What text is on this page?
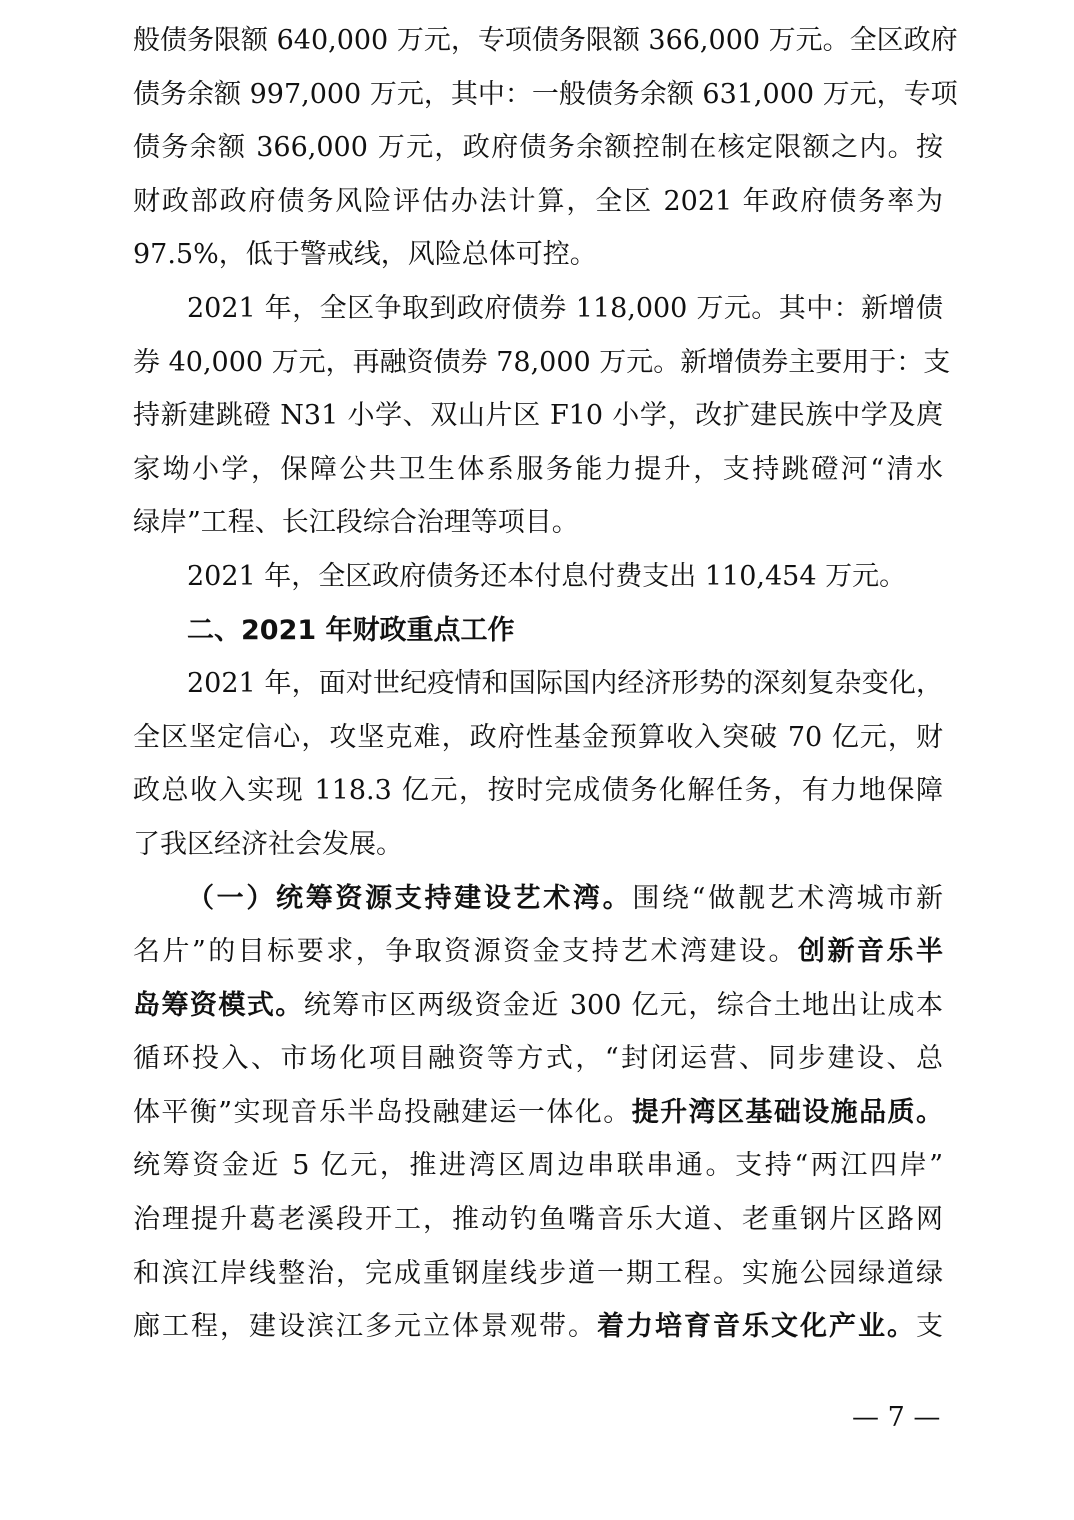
般债务限额 640,000 万元，专项债务限额 366,000 万元。全区政府
债务余额 997,000 万元，其中：一般债务余额 631,000 万元，专项
债务余额 366,000 万元，政府债务余额控制在核定限额之内。按
财政部政府债务风险评估办法计算，全区 2021 年政府债务率为
97.5%，低于警戒线，风险总体可控。
2021 年，全区争取到政府债券 118,000 万元。其中：新增债
券 40,000 万元，再融资债券 78,000 万元。新增债券主要用于：支
持新建跳磴 N31 小学、双山片区 F10 小学，改扩建民族中学及庹
家坳小学，保障公共卫生体系服务能力提升，支持跳磴河“清水
绿岸”工程、长江段综合治理等项目。
2021 年，全区政府债务还本付息付费支出 110,454 万元。
二、2021 年财政重点工作
2021 年，面对世纪疫情和国际国内经济形势的深刻复杂变化，
全区坚定信心，攻坚克难，政府性基金预算收入突破 70 亿元，财
政总收入实现 118.3 亿元，按时完成债务化解任务，有力地保障
了我区经济社会发展。
（一）统筹资源支持建设艺术湾。围绕“做靓艺术湾城市新
名片”的目标要求，争取资源资金支持艺术湾建设。创新音乐半
岛筹资模式。统筹市区两级资金近 300 亿元，综合土地出让成本
循环投入、市场化项目融资等方式，“封闭运营、同步建设、总
体平衡”实现音乐半岛投融建运一体化。提升湾区基础设施品质。
统筹资金近 5 亿元，推进湾区周边串联串通。支持“两江四岸”
治理提升葛老溪段开工，推动钓鱼嘴音乐大道、老重钢片区路网
和滨江岸线整治，完成重钢崖线步道一期工程。实施公园绿道绿
廊工程，建设滨江多元立体景观带。着力培育音乐文化产业。支
— 7 —
